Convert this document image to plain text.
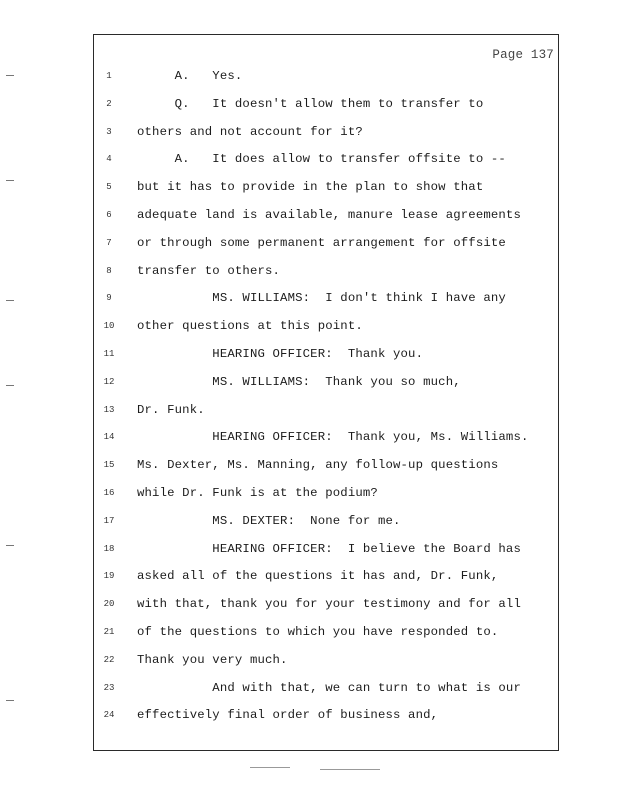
Page 137
1	A.   Yes.
2	Q.   It doesn't allow them to transfer to
3	others and not account for it?
4	A.   It does allow to transfer offsite to --
5	but it has to provide in the plan to show that
6	adequate land is available, manure lease agreements
7	or through some permanent arrangement for offsite
8	transfer to others.
9	MS. WILLIAMS:  I don't think I have any
10 other questions at this point.
11 HEARING OFFICER:  Thank you.
12 MS. WILLIAMS:  Thank you so much,
13 Dr. Funk.
14 HEARING OFFICER:  Thank you, Ms. Williams.
15 Ms. Dexter, Ms. Manning, any follow-up questions
16 while Dr. Funk is at the podium?
17 MS. DEXTER:  None for me.
18 HEARING OFFICER:  I believe the Board has
19 asked all of the questions it has and, Dr. Funk,
20 with that, thank you for your testimony and for all
21 of the questions to which you have responded to.
22 Thank you very much.
23 And with that, we can turn to what is our
24 effectively final order of business and,
